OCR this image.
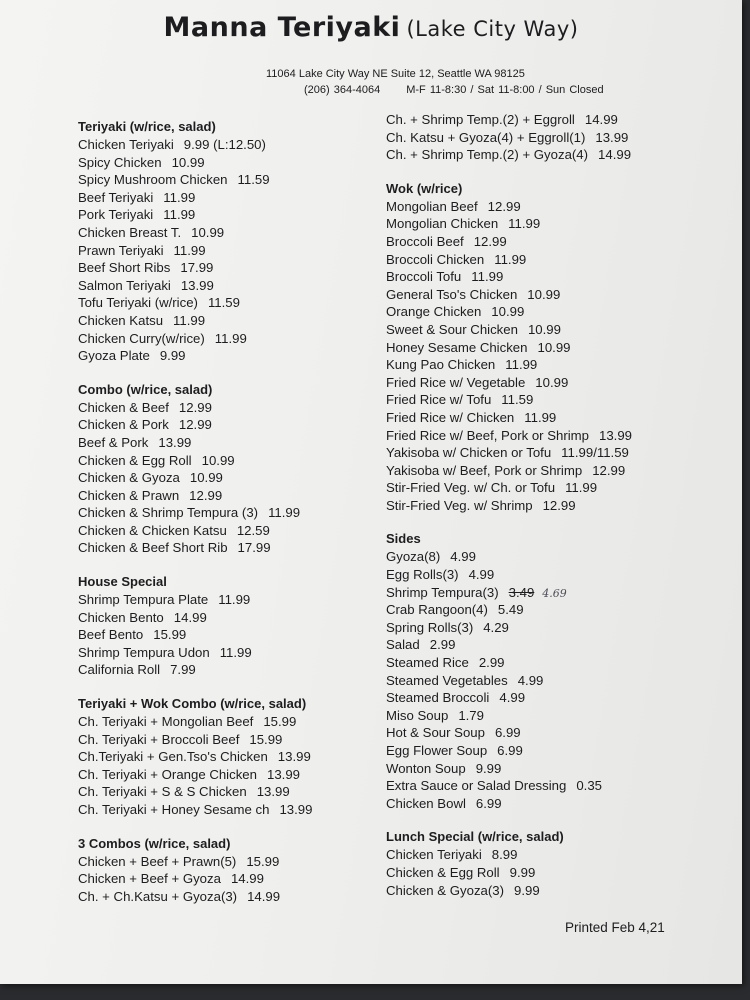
Manna Teriyaki (Lake City Way)
11064 Lake City Way NE Suite 12, Seattle WA 98125
(206) 364-4064 M-F 11-8:30 / Sat 11-8:00 / Sun Closed
Teriyaki (w/rice, salad)
Chicken Teriyaki 9.99 (L:12.50)
Spicy Chicken 10.99
Spicy Mushroom Chicken 11.59
Beef Teriyaki 11.99
Pork Teriyaki 11.99
Chicken Breast T. 10.99
Prawn Teriyaki 11.99
Beef Short Ribs 17.99
Salmon Teriyaki 13.99
Tofu Teriyaki (w/rice) 11.59
Chicken Katsu 11.99
Chicken Curry(w/rice) 11.99
Gyoza Plate 9.99
Combo (w/rice, salad)
Chicken & Beef 12.99
Chicken & Pork 12.99
Beef & Pork 13.99
Chicken & Egg Roll 10.99
Chicken & Gyoza 10.99
Chicken & Prawn 12.99
Chicken & Shrimp Tempura (3) 11.99
Chicken & Chicken Katsu 12.59
Chicken & Beef Short Rib 17.99
House Special
Shrimp Tempura Plate 11.99
Chicken Bento 14.99
Beef Bento 15.99
Shrimp Tempura Udon 11.99
California Roll 7.99
Teriyaki + Wok Combo (w/rice, salad)
Ch. Teriyaki + Mongolian Beef 15.99
Ch. Teriyaki + Broccoli Beef 15.99
Ch.Teriyaki + Gen.Tso's Chicken 13.99
Ch. Teriyaki + Orange Chicken 13.99
Ch. Teriyaki + S & S Chicken 13.99
Ch. Teriyaki + Honey Sesame ch 13.99
3 Combos (w/rice, salad)
Chicken + Beef + Prawn(5) 15.99
Chicken + Beef + Gyoza 14.99
Ch. + Ch.Katsu + Gyoza(3) 14.99
Ch. + Shrimp Temp.(2) + Eggroll 14.99
Ch. Katsu + Gyoza(4) + Eggroll(1) 13.99
Ch. + Shrimp Temp.(2) + Gyoza(4) 14.99
Wok (w/rice)
Mongolian Beef 12.99
Mongolian Chicken 11.99
Broccoli Beef 12.99
Broccoli Chicken 11.99
Broccoli Tofu 11.99
General Tso's Chicken 10.99
Orange Chicken 10.99
Sweet & Sour Chicken 10.99
Honey Sesame Chicken 10.99
Kung Pao Chicken 11.99
Fried Rice w/ Vegetable 10.99
Fried Rice w/ Tofu 11.59
Fried Rice w/ Chicken 11.99
Fried Rice w/ Beef, Pork or Shrimp 13.99
Yakisoba w/ Chicken or Tofu 11.99/11.59
Yakisoba w/ Beef, Pork or Shrimp 12.99
Stir-Fried Veg. w/ Ch. or Tofu 11.99
Stir-Fried Veg. w/ Shrimp 12.99
Sides
Gyoza(8) 4.99
Egg Rolls(3) 4.99
Shrimp Tempura(3) 3.49 4.69
Crab Rangoon(4) 5.49
Spring Rolls(3) 4.29
Salad 2.99
Steamed Rice 2.99
Steamed Vegetables 4.99
Steamed Broccoli 4.99
Miso Soup 1.79
Hot & Sour Soup 6.99
Egg Flower Soup 6.99
Wonton Soup 9.99
Extra Sauce or Salad Dressing 0.35
Chicken Bowl 6.99
Lunch Special (w/rice, salad)
Chicken Teriyaki 8.99
Chicken & Egg Roll 9.99
Chicken & Gyoza(3) 9.99
Printed Feb 4,21
